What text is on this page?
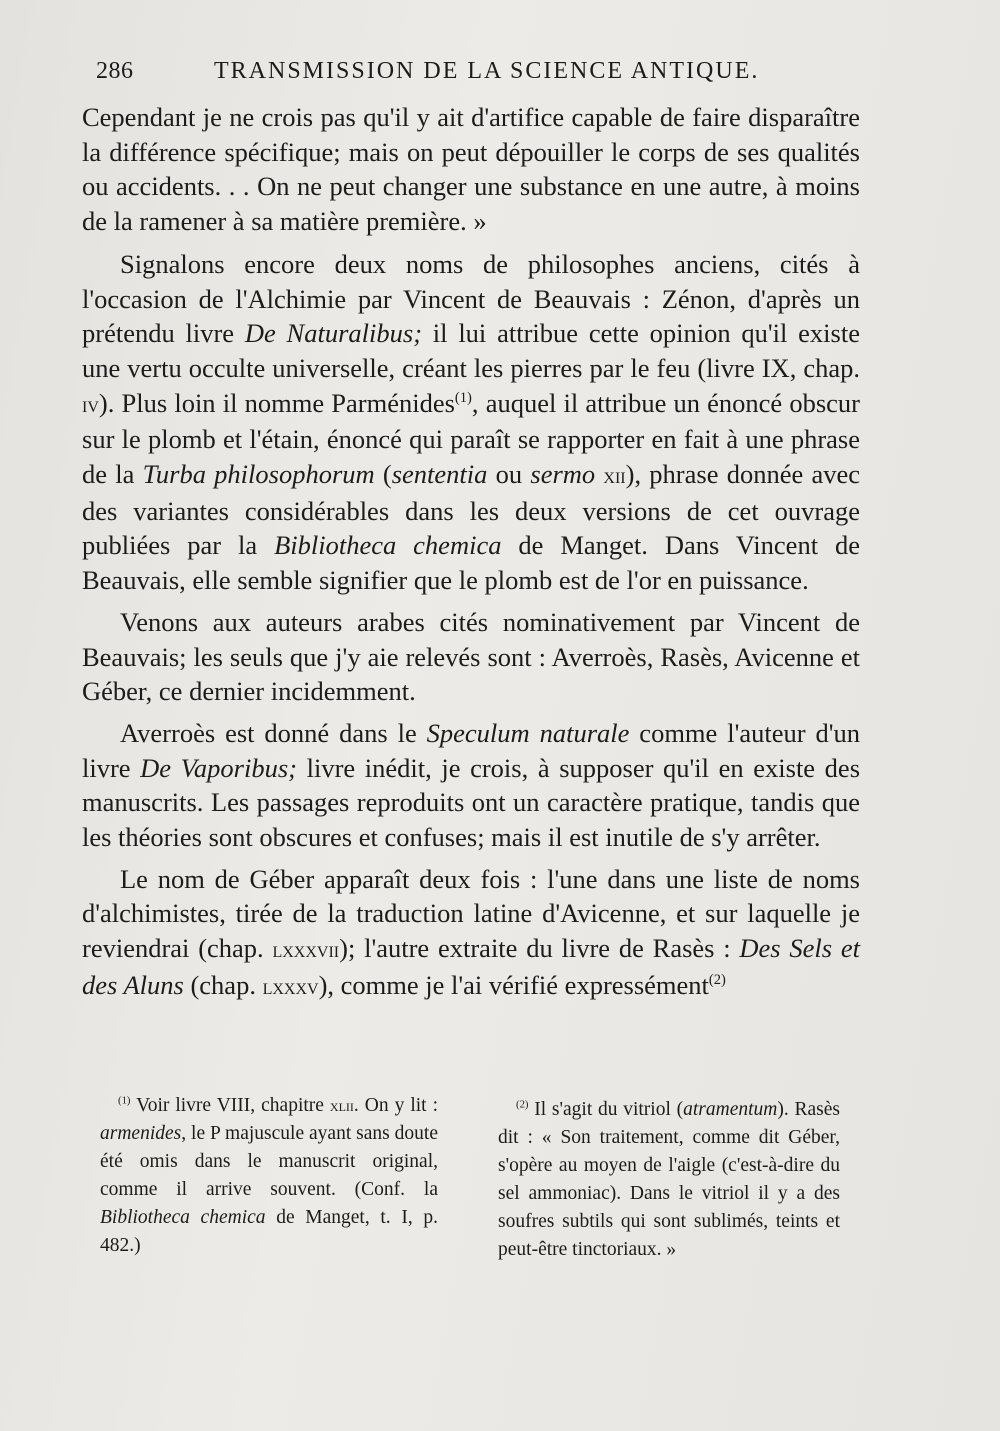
286	TRANSMISSION DE LA SCIENCE ANTIQUE.

Cependant je ne crois pas qu'il y ait d'artifice capable de faire disparaître la différence spécifique; mais on peut dépouiller le corps de ses qualités ou accidents. . . On ne peut changer une substance en une autre, à moins de la ramener à sa matière première. »

Signalons encore deux noms de philosophes anciens, cités à l'occasion de l'Alchimie par Vincent de Beauvais : Zénon, d'après un prétendu livre De Naturalibus; il lui attribue cette opinion qu'il existe une vertu occulte universelle, créant les pierres par le feu (livre IX, chap. iv). Plus loin il nomme Parménides$^{(1)}$, auquel il attribue un énoncé obscur sur le plomb et l'étain, énoncé qui paraît se rapporter en fait à une phrase de la Turba philosophorum (sententia ou sermo xii), phrase donnée avec des variantes considérables dans les deux versions de cet ouvrage publiées par la Bibliotheca chemica de Manget. Dans Vincent de Beauvais, elle semble signifier que le plomb est de l'or en puissance.

Venons aux auteurs arabes cités nominativement par Vincent de Beauvais; les seuls que j'y aie relevés sont : Averroès, Rasès, Avicenne et Géber, ce dernier incidemment.

Averroès est donné dans le Speculum naturale comme l'auteur d'un livre De Vaporibus; livre inédit, je crois, à supposer qu'il en existe des manuscrits. Les passages reproduits ont un caractère pratique, tandis que les théories sont obscures et confuses; mais il est inutile de s'y arrêter.

Le nom de Géber apparaît deux fois : l'une dans une liste de noms d'alchimistes, tirée de la traduction latine d'Avicenne, et sur laquelle je reviendrai (chap. lxxxvii); l'autre extraite du livre de Rasès : Des Sels et des Aluns (chap. lxxxv), comme je l'ai vérifié expressément$^{(2)}$

$^{(1)}$ Voir livre VIII, chapitre xlii. On y lit : armenides, le P majuscule ayant sans doute été omis dans le manuscrit original, comme il arrive souvent. (Conf. la Bibliotheca chemica de Manget, t. I, p. 482.)

$^{(2)}$ Il s'agit du vitriol (atramentum). Rasès dit : « Son traitement, comme dit Géber, s'opère au moyen de l'aigle (c'est-à-dire du sel ammoniac). Dans le vitriol il y a des soufres subtils qui sont sublimés, teints et peut-être tinctoriaux. »
